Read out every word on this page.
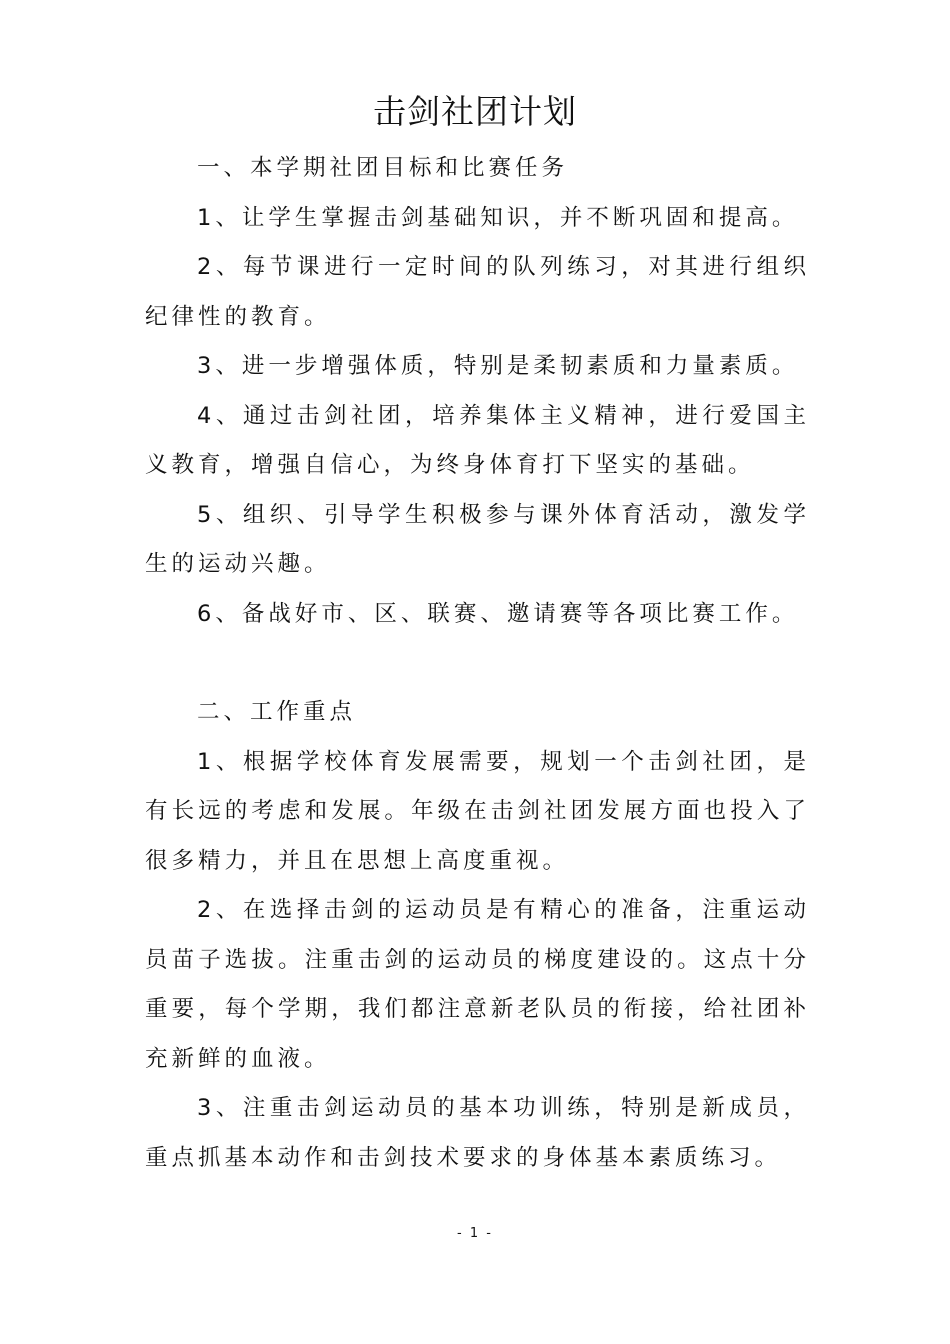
击剑社团计划

一、本学期社团目标和比赛任务

1、让学生掌握击剑基础知识，并不断巩固和提高。

2、每节课进行一定时间的队列练习，对其进行组织纪律性的教育。

3、进一步增强体质，特别是柔韧素质和力量素质。

4、通过击剑社团，培养集体主义精神，进行爱国主义教育，增强自信心，为终身体育打下坚实的基础。

5、组织、引导学生积极参与课外体育活动，激发学生的运动兴趣。

6、备战好市、区、联赛、邀请赛等各项比赛工作。

二、工作重点

1、根据学校体育发展需要，规划一个击剑社团，是有长远的考虑和发展。年级在击剑社团发展方面也投入了很多精力，并且在思想上高度重视。

2、在选择击剑的运动员是有精心的准备，注重运动员苗子选拔。注重击剑的运动员的梯度建设的。这点十分重要，每个学期，我们都注意新老队员的衔接，给社团补充新鲜的血液。

3、注重击剑运动员的基本功训练，特别是新成员，重点抓基本动作和击剑技术要求的身体基本素质练习。

- 1 -
